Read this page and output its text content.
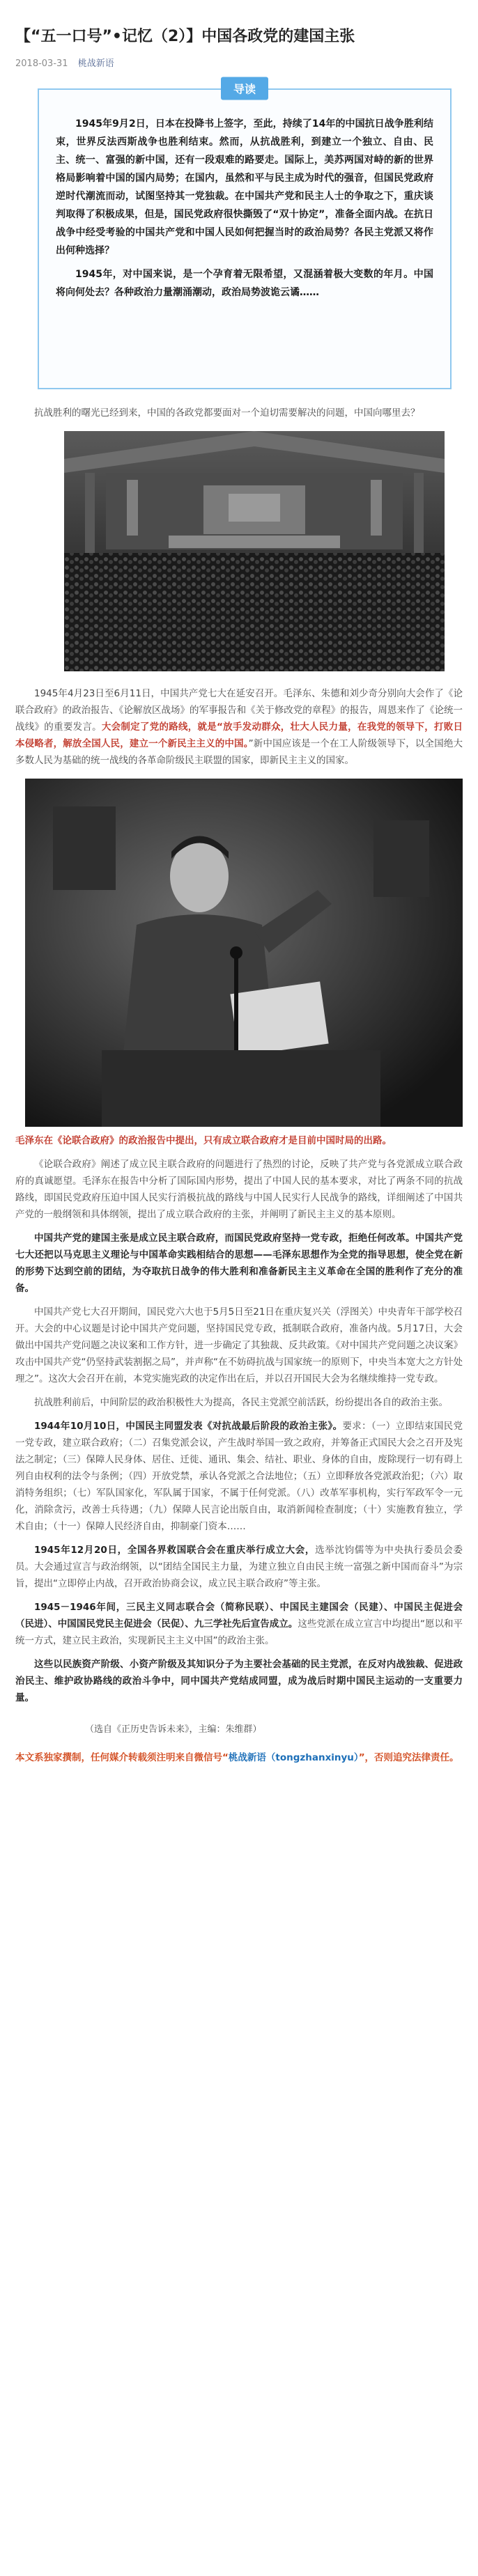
【“五一口号”•记忆（2）】中国各政党的建国主张
2018-03-31 桃战新语
导读

1945年9月2日，日本在投降书上签字，至此，持续了14年的中国抗日战争胜利结束，世界反法西斯战争也胜利结束。然而，从抗战胜利，到建立一个独立、自由、民主、统一、富强的新中国，还有一段艰难的路要走。国际上，美苏两国对峙的新的世界格局影响着中国的国内局势；在国内，虽然和平与民主成为时代的强音，但国民党政府逆时代潮流而动，试图坚持其一党独裁。在中国共产党和民主人士的争取之下，重庆谈判取得了积极成果，但是，国民党政府很快撕毁了“双十协定”，准备全面内战。在抗日战争中经受考验的中国共产党和中国人民如何把握当时的政治局势？各民主党派又将作出何种选择？

1945年，对中国来说，是一个孕育着无限希望，又混涵着极大变数的年月。中国将向何处去？各种政治力量潮涌潮动，政治局势波诡云谲……

抗战胜利的曙光已经到来，中国的各政党都要面对一个迫切需要解决的问题，中国向哪里去？

1945年4月23日至6月11日，中国共产党七大在延安召开。毛泽东、朱德和刘少奇分别向大会作了《论联合政府》的政治报告、《论解放区战场》的军事报告和《关于修改党的章程》的报告，周恩来作了《论统一战线》的重要发言。大会制定了党的路线，就是“放手发动群众，壮大人民力量，在我党的领导下，打败日本侵略者，解放全国人民，建立一个新民主主义的中国。”新中国应该是一个在工人阶级领导下，以全国绝大多数人民为基础的统一战线的各革命阶级民主联盟的国家，即新民主主义的国家。

毛泽东在《论联合政府》的政治报告中提出，只有成立联合政府才是目前中国时局的出路。

《论联合政府》阐述了成立民主联合政府的问题进行了热烈的讨论，反映了共产党与各党派成立联合政府的真诚愿望。毛泽东在报告中分析了国际国内形势，提出了中国人民的基本要求，对比了两条不同的抗战路线，即国民党政府压迫中国人民实行消极抗战的路线与中国人民实行人民战争的路线，详细阐述了中国共产党的一般纲领和具体纲领，提出了成立联合政府的主张，并阐明了新民主主义的基本原则。

中国共产党的建国主张是成立民主联合政府，而国民党政府坚持一党专政，拒绝任何改革。中国共产党七大还把以马克思主义理论与中国革命实践相结合的思想——毛泽东思想作为全党的指导思想，使全党在新的形势下达到空前的团结，为夺取抗日战争的伟大胜利和准备新民主主义革命在全国的胜利作了充分的准备。

中国共产党七大召开期间，国民党六大也于5月5日至21日在重庆复兴关（浮图关）中央青年干部学校召开。大会的中心议题是讨论中国共产党问题，坚持国民党专政，抵制联合政府，准备内战。5月17日，大会做出中国共产党问题之决议案和工作方针，进一步确定了其独裁、反共政策。《对中国共产党问题之决议案》攻击中国共产党“仍坚持武装割据之局”，并声称“在不妨碍抗战与国家统一的原则下，中央当本宽大之方针处理之”。这次大会召开在前，本党实施宪政的决定作出在后，并以召开国民大会为名继续维持一党专政。

抗战胜利前后，中间阶层的政治积极性大为提高，各民主党派空前活跃，纷纷提出各自的政治主张。

1944年10月10日，中国民主同盟发表《对抗战最后阶段的政治主张》。要求：（一）立即结束国民党一党专政，建立联合政府；（二）召集党派会议，产生战时举国一致之政府，并筹备正式国民大会之召开及宪法之制定；（三）保障人民身体、居住、迁徙、通讯、集会、结社、职业、身体的自由，废除现行一切有碍上列自由权利的法令与条例；（四）开放党禁，承认各党派之合法地位；（五）立即释放各党派政治犯；（六）取消特务组织；（七）军队国家化，军队属于国家，不属于任何党派。（八）改革军事机构，实行军政军令一元化，消除贪污，改善士兵待遇；（九）保障人民言论出版自由，取消新闻检查制度；（十）实施教育独立，学术自由；（十一）保障人民经济自由，抑制豪门资本……

1945年12月20日，全国各界救国联合会在重庆举行成立大会，选举沈钧儒等为中央执行委员会委员。大会通过宣言与政治纲领，以“团结全国民主力量，为建立独立自由民主统一富强之新中国而奋斗”为宗旨，提出“立即停止内战，召开政治协商会议，成立民主联合政府”等主张。

1945－1946年间，三民主义同志联合会（简称民联）、中国民主建国会（民建）、中国民主促进会（民进）、中国国民党民主促进会（民促）、九三学社先后宣告成立。这些党派在成立宣言中均提出“愿以和平统一方式，建立民主政治，实现新民主主义中国”的政治主张。

这些以民族资产阶级、小资产阶级及其知识分子为主要社会基础的民主党派，在反对内战独裁、促进政治民主、维护政协路线的政治斗争中，同中国共产党结成同盟，成为战后时期中国民主运动的一支重要力量。

（选自《正历史告诉未来》，主编：朱维群）
本文系独家撰制，任何媒介转载须注明来自微信号“桃战新语（tongzhanxinyu）”，否则追究法律责任。
